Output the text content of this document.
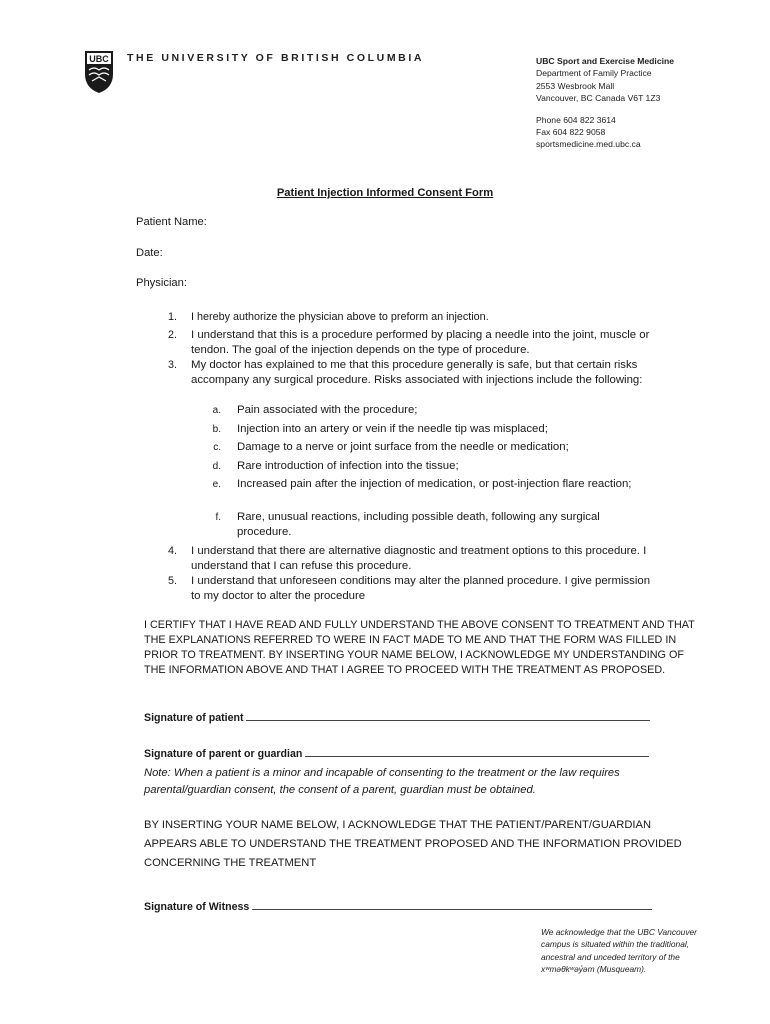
UBC THE UNIVERSITY OF BRITISH COLUMBIA	UBC Sport and Exercise Medicine
Department of Family Practice
2553 Wesbrook Mall
Vancouver, BC Canada V6T 1Z3
Phone 604 822 3614
Fax 604 822 9058
sportsmedicine.med.ubc.ca
Patient Injection Informed Consent Form
Patient Name:
Date:
Physician:
1. I hereby authorize the physician above to preform an injection.
2. I understand that this is a procedure performed by placing a needle into the joint, muscle or tendon. The goal of the injection depends on the type of procedure.
3. My doctor has explained to me that this procedure generally is safe, but that certain risks accompany any surgical procedure. Risks associated with injections include the following:
a. Pain associated with the procedure;
b. Injection into an artery or vein if the needle tip was misplaced;
c. Damage to a nerve or joint surface from the needle or medication;
d. Rare introduction of infection into the tissue;
e. Increased pain after the injection of medication, or post-injection flare reaction;
f. Rare, unusual reactions, including possible death, following any surgical procedure.
4. I understand that there are alternative diagnostic and treatment options to this procedure. I understand that I can refuse this procedure.
5. I understand that unforeseen conditions may alter the planned procedure. I give permission to my doctor to alter the procedure
I CERTIFY THAT I HAVE READ AND FULLY UNDERSTAND THE ABOVE CONSENT TO TREATMENT AND THAT THE EXPLANATIONS REFERRED TO WERE IN FACT MADE TO ME AND THAT THE FORM WAS FILLED IN PRIOR TO TREATMENT. BY INSERTING YOUR NAME BELOW, I ACKNOWLEDGE MY UNDERSTANDING OF THE INFORMATION ABOVE AND THAT I AGREE TO PROCEED WITH THE TREATMENT AS PROPOSED.
Signature of patient
Signature of parent or guardian
Note: When a patient is a minor and incapable of consenting to the treatment or the law requires parental/guardian consent, the consent of a parent, guardian must be obtained.
BY INSERTING YOUR NAME BELOW, I ACKNOWLEDGE THAT THE PATIENT/PARENT/GUARDIAN APPEARS ABLE TO UNDERSTAND THE TREATMENT PROPOSED AND THE INFORMATION PROVIDED CONCERNING THE TREATMENT
Signature of Witness
We acknowledge that the UBC Vancouver campus is situated within the traditional, ancestral and unceded territory of the xʷməθkʷəy̓əm (Musqueam).
